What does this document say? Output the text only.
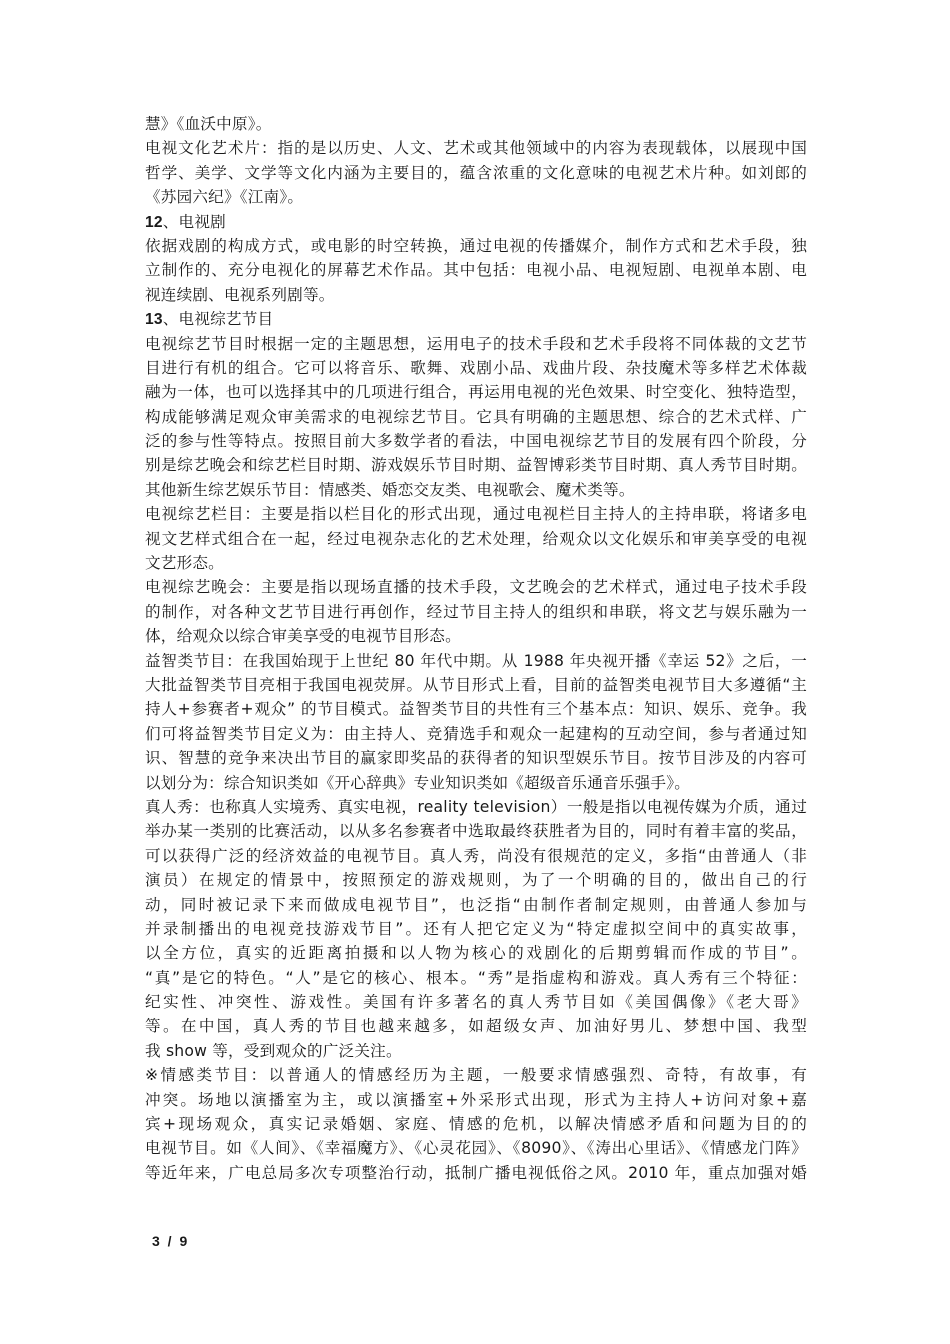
慧》《血沃中原》。
电视文化艺术片：指的是以历史、人文、艺术或其他领域中的内容为表现载体，以展现中国
哲学、美学、文学等文化内涵为主要目的，蕴含浓重的文化意味的电视艺术片种。如刘郎的
《苏园六纪》《江南》。
12、电视剧
依据戏剧的构成方式，或电影的时空转换，通过电视的传播媒介，制作方式和艺术手段，独
立制作的、充分电视化的屏幕艺术作品。其中包括：电视小品、电视短剧、电视单本剧、电
视连续剧、电视系列剧等。
13、电视综艺节目
电视综艺节目时根据一定的主题思想，运用电子的技术手段和艺术手段将不同体裁的文艺节
目进行有机的组合。它可以将音乐、歌舞、戏剧小品、戏曲片段、杂技魔术等多样艺术体裁
融为一体，也可以选择其中的几项进行组合，再运用电视的光色效果、时空变化、独特造型，
构成能够满足观众审美需求的电视综艺节目。它具有明确的主题思想、综合的艺术式样、广
泛的参与性等特点。按照目前大多数学者的看法，中国电视综艺节目的发展有四个阶段，分
别是综艺晚会和综艺栏目时期、游戏娱乐节目时期、益智博彩类节目时期、真人秀节目时期。
其他新生综艺娱乐节目：情感类、婚恋交友类、电视歌会、魔术类等。
电视综艺栏目：主要是指以栏目化的形式出现，通过电视栏目主持人的主持串联，将诸多电
视文艺样式组合在一起，经过电视杂志化的艺术处理，给观众以文化娱乐和审美享受的电视
文艺形态。
电视综艺晚会：主要是指以现场直播的技术手段，文艺晚会的艺术样式，通过电子技术手段
的制作，对各种文艺节目进行再创作，经过节目主持人的组织和串联，将文艺与娱乐融为一
体，给观众以综合审美享受的电视节目形态。
益智类节目：在我国始现于上世纪 80 年代中期。从 1988 年央视开播《幸运 52》之后，一
大批益智类节目亮相于我国电视荧屏。从节目形式上看，目前的益智类电视节目大多遵循“主
持人+参赛者+观众” 的节目模式。益智类节目的共性有三个基本点：知识、娱乐、竞争。我
们可将益智类节目定义为：由主持人、竞猜选手和观众一起建构的互动空间，参与者通过知
识、智慧的竞争来决出节目的赢家即奖品的获得者的知识型娱乐节目。按节目涉及的内容可
以划分为：综合知识类如《开心辞典》专业知识类如《超级音乐通音乐强手》。
真人秀：也称真人实境秀、真实电视，reality television）一般是指以电视传媒为介质，通过
举办某一类别的比赛活动，以从多名参赛者中选取最终获胜者为目的，同时有着丰富的奖品，
可以获得广泛的经济效益的电视节目。真人秀，尚没有很规范的定义，多指“由普通人（非
演员）在规定的情景中，按照预定的游戏规则，为了一个明确的目的，做出自己的行
动，同时被记录下来而做成电视节目”，也泛指“由制作者制定规则，由普通人参加与
并录制播出的电视竞技游戏节目”。还有人把它定义为“特定虚拟空间中的真实故事，
以全方位，真实的近距离拍摄和以人物为核心的戏剧化的后期剪辑而作成的节目”。
“真”是它的特色。“人”是它的核心、根本。“秀”是指虚构和游戏。真人秀有三个特征：
纪实性、冲突性、游戏性。美国有许多著名的真人秀节目如《美国偶像》《老大哥》
等。在中国，真人秀的节目也越来越多，如超级女声、加油好男儿、梦想中国、我型
我 show 等，受到观众的广泛关注。
※情感类节目：以普通人的情感经历为主题，一般要求情感强烈、奇特，有故事，有
冲突。场地以演播室为主，或以演播室+外采形式出现，形式为主持人+访问对象+嘉
宾+现场观众，真实记录婚姻、家庭、情感的危机，以解决情感矛盾和问题为目的的
电视节目。如《人间》、《幸福魔方》、《心灵花园》、《8090》、《涛出心里话》、《情感龙门阵》
等近年来，广电总局多次专项整治行动，抵制广播电视低俗之风。2010 年，重点加强对婚
3 / 9
